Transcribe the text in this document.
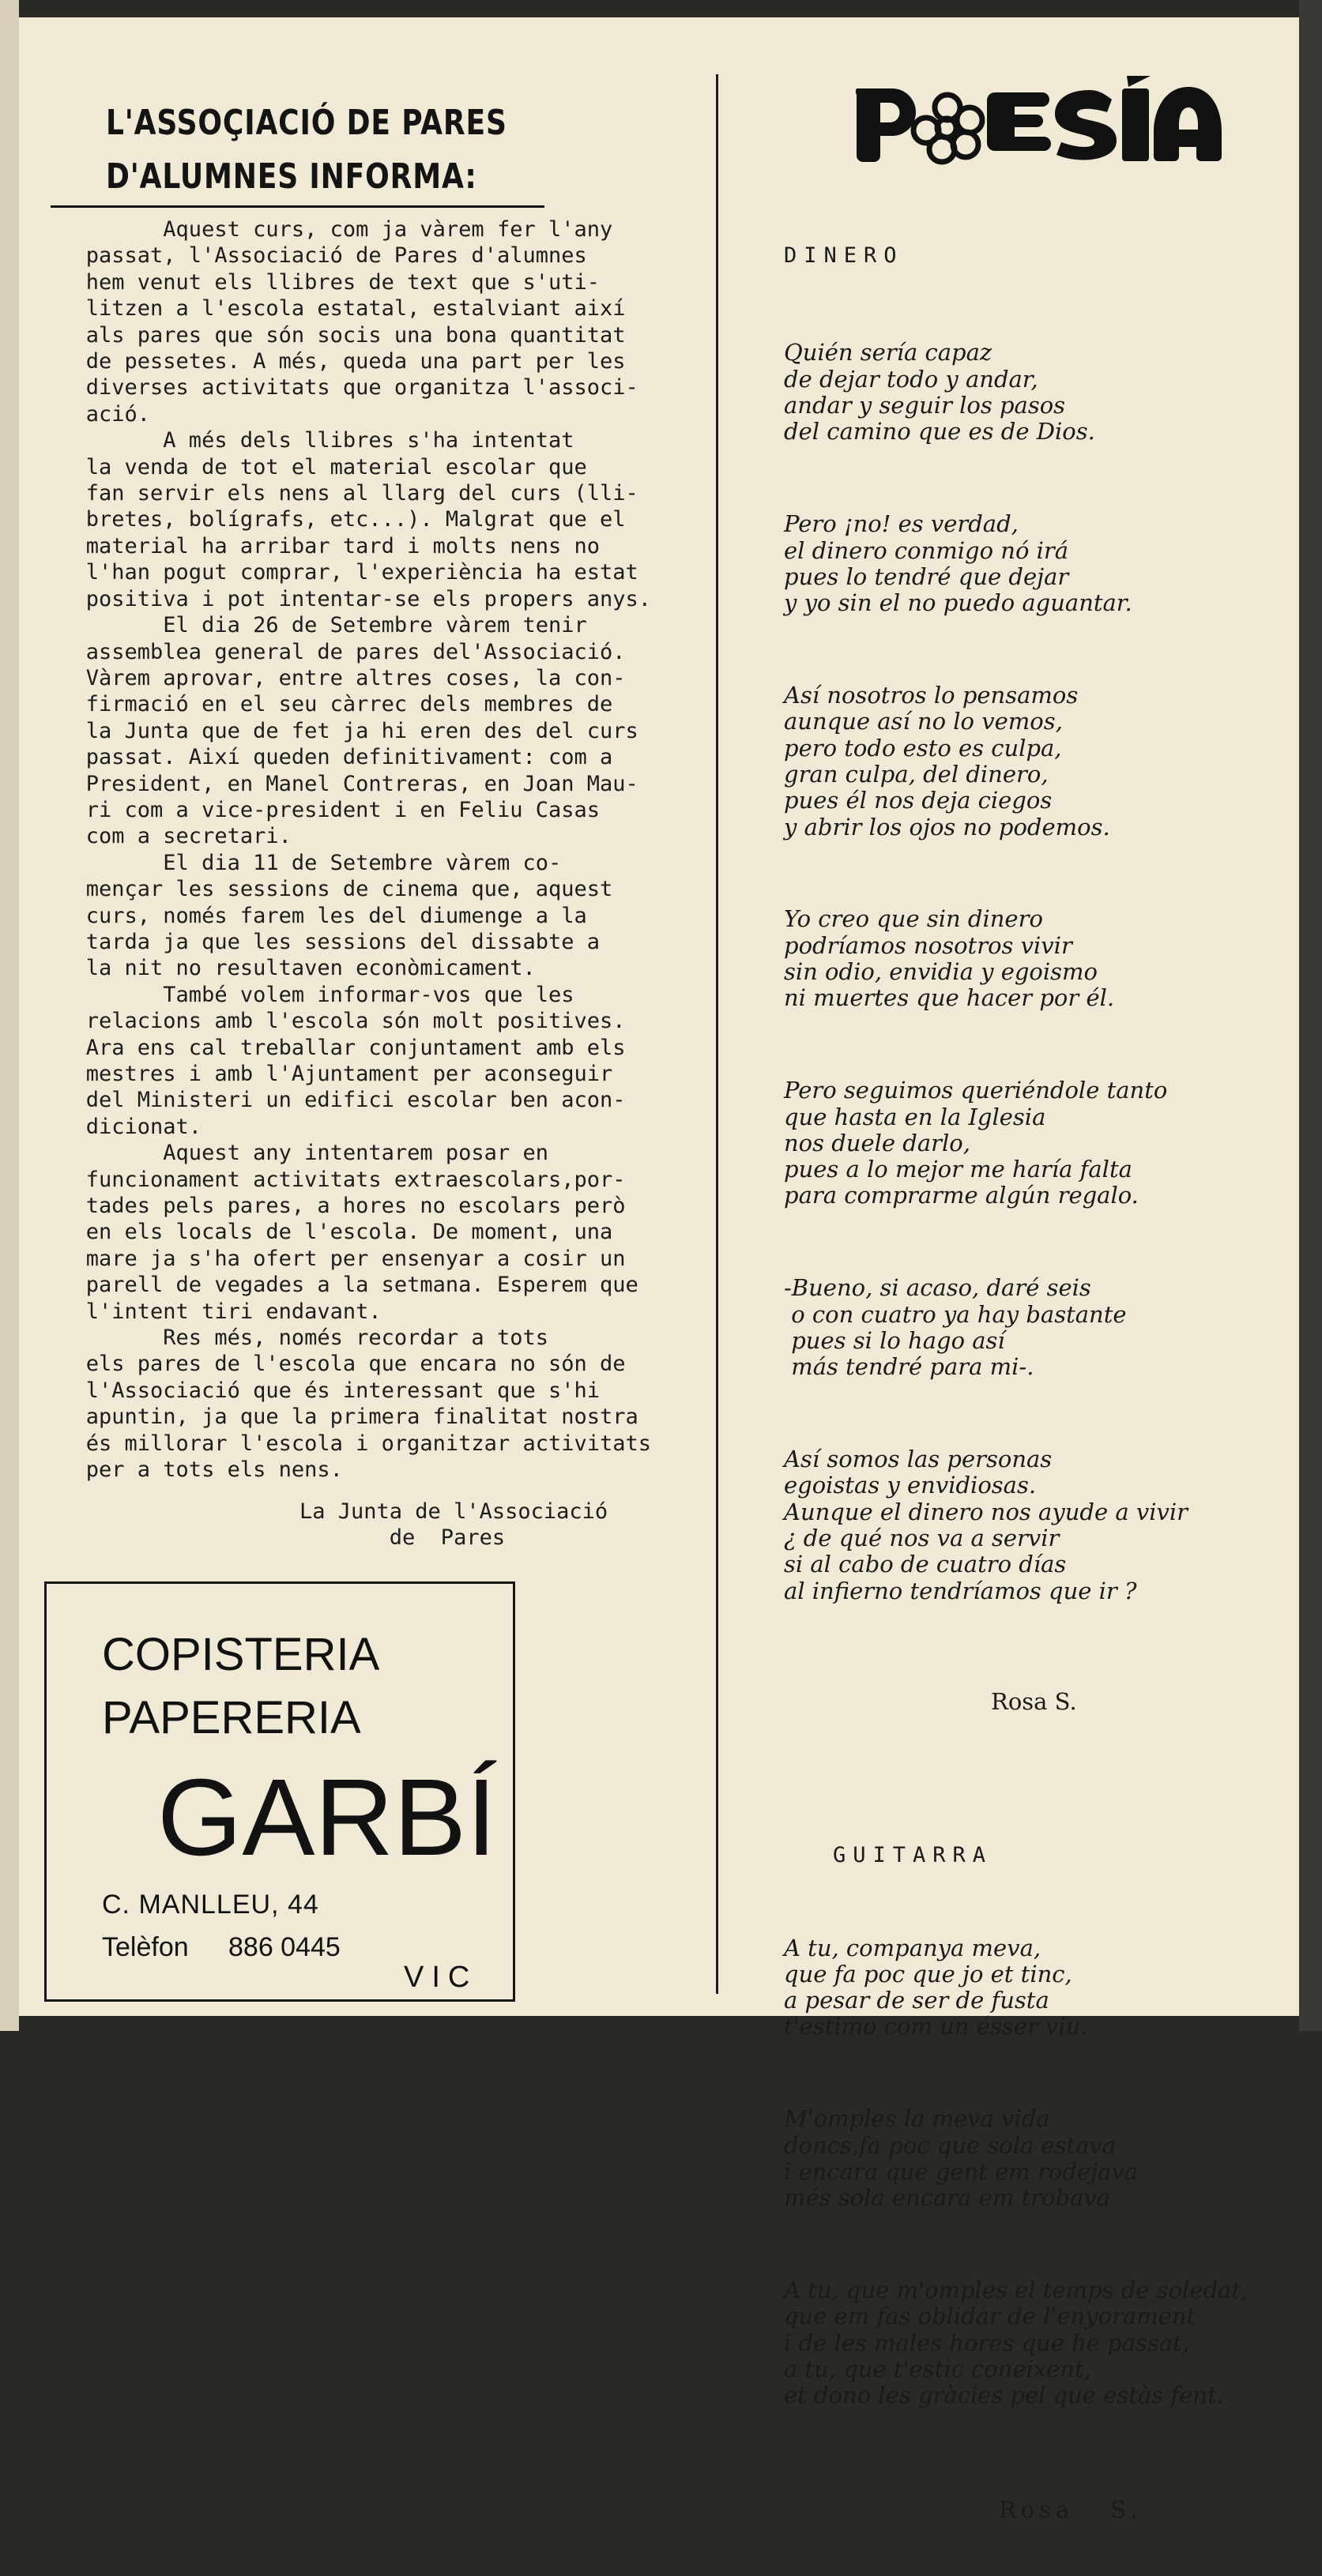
L'ASSOÇIACIÓ DE PARES
D'ALUMNES INFORMA:
Aquest curs, com ja vàrem fer l'any
passat, l'Associació de Pares d'alumnes
hem venut els llibres de text que s'uti-
litzen a l'escola estatal, estalviant així
als pares que són socis una bona quantitat
de pessetes. A més, queda una part per les
diverses activitats que organitza l'associ-
ació.
A més dels llibres s'ha intentat
la venda de tot el material escolar que
fan servir els nens al llarg del curs (lli-
bretes, bolígrafs, etc...). Malgrat que el
material ha arribar tard i molts nens no
l'han pogut comprar, l'experiència ha estat
positiva i pot intentar-se els propers anys.
El dia 26 de Setembre vàrem tenir
assemblea general de pares del'Associació.
Vàrem aprovar, entre altres coses, la con-
firmació en el seu càrrec dels membres de
la Junta que de fet ja hi eren des del curs
passat. Així queden definitivament: com a
President, en Manel Contreras, en Joan Mau-
ri com a vice-president i en Feliu Casas
com a secretari.
El dia 11 de Setembre vàrem co-
mençar les sessions de cinema que, aquest
curs, només farem les del diumenge a la
tarda ja que les sessions del dissabte a
la nit no resultaven econòmicament.
També volem informar-vos que les
relacions amb l'escola són molt positives.
Ara ens cal treballar conjuntament amb els
mestres i amb l'Ajuntament per aconseguir
del Ministeri un edifici escolar ben acon-
dicionat.
Aquest any intentarem posar en
funcionament activitats extraescolars,por-
tades pels pares, a hores no escolars però
en els locals de l'escola. De moment, una
mare ja s'ha ofert per ensenyar a cosir un
parell de vegades a la setmana. Esperem que
l'intent tiri endavant.
Res més, només recordar a tots
els pares de l'escola que encara no són de
l'Associació que és interessant que s'hi
apuntin, ja que la primera finalitat nostra
és millorar l'escola i organitzar activitats
per a tots els nens.
La Junta de l'Associació
de  Pares
COPISTERIA
PAPERERIA
GARBÍ
C. MANLLEU, 44
Telèfon 886 0445
VIC

DINERO

Quién sería capaz
de dejar todo y andar,
andar y seguir los pasos
del camino que es de Dios.

Pero ¡no! es verdad,
el dinero conmigo nó irá
pues lo tendré que dejar
y yo sin el no puedo aguantar.

Así nosotros lo pensamos
aunque así no lo vemos,
pero todo esto es culpa,
gran culpa, del dinero,
pues él nos deja ciegos
y abrir los ojos no podemos.

Yo creo que sin dinero
podríamos nosotros vivir
sin odio, envidia y egoismo
ni muertes que hacer por él.

Pero seguimos queriéndole tanto
que hasta en la Iglesia
nos duele darlo,
pues a lo mejor me haría falta
para comprarme algún regalo.

-Bueno, si acaso, daré seis
o con cuatro ya hay bastante
pues si lo hago así
más tendré para mi-.

Así somos las personas
egoistas y envidiosas.
Aunque el dinero nos ayude a vivir
¿ de qué nos va a servir
si al cabo de cuatro días
al infierno tendríamos que ir ?

Rosa S.

GUITARRA

A tu, companya meva,
que fa poc que jo et tinc,
a pesar de ser de fusta
t'estimo com un ésser viu.

M'omples la meva vida
doncs,fa poc que sola estava
i encara que gent em rodejava
més sola encara em trobava

A tu, que m'omples el temps de soledat,
que em fas oblidar de l'enyorament
i de les males hores que he passat,
a tu, que t'estic coneixent,
et dono les gràcies pel que estàs fent.

Rosa   S.
